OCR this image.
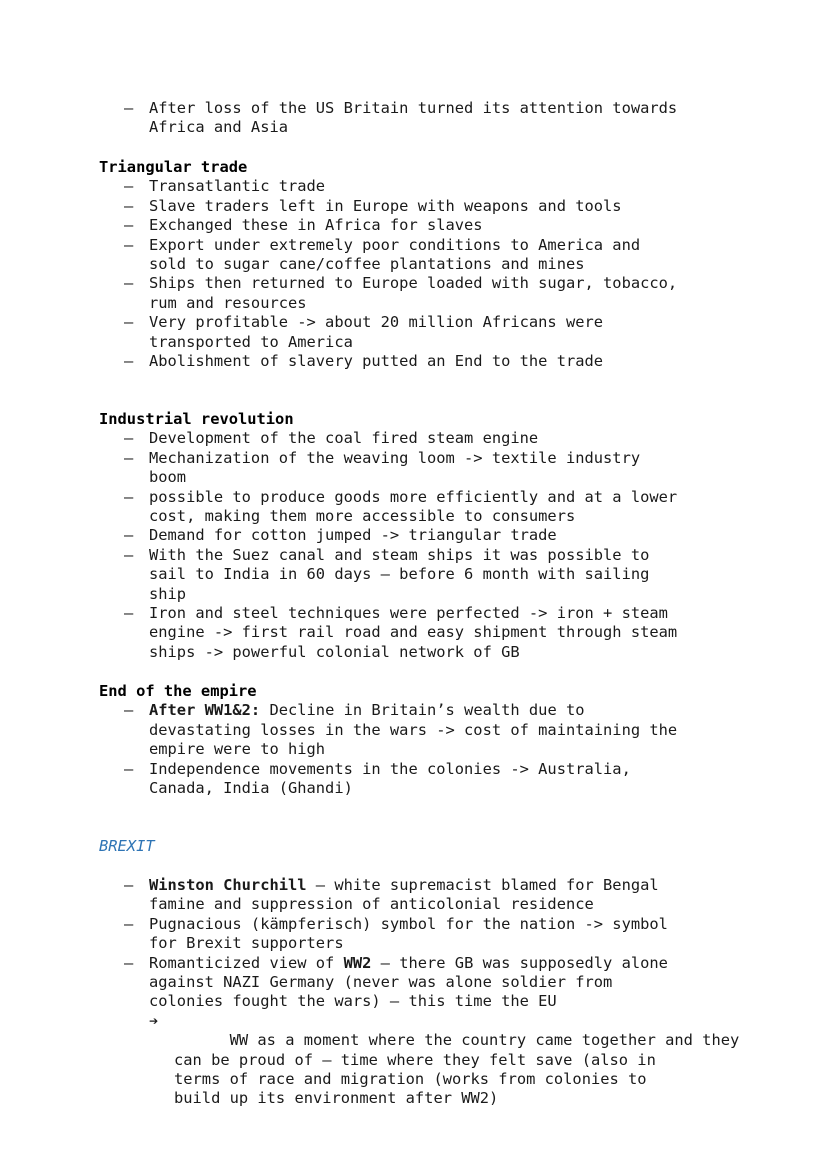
– After loss of the US Britain turned its attention towards
Africa and Asia
Triangular trade
– Transatlantic trade
– Slave traders left in Europe with weapons and tools
– Exchanged these in Africa for slaves
– Export under extremely poor conditions to America and
sold to sugar cane/coffee plantations and mines
– Ships then returned to Europe loaded with sugar, tobacco,
rum and resources
– Very profitable -> about 20 million Africans were
transported to America
– Abolishment of slavery putted an End to the trade
Industrial revolution
– Development of the coal fired steam engine
– Mechanization of the weaving loom -> textile industry
boom
– possible to produce goods more efficiently and at a lower
cost, making them more accessible to consumers
– Demand for cotton jumped -> triangular trade
– With the Suez canal and steam ships it was possible to
sail to India in 60 days – before 6 month with sailing
ship
– Iron and steel techniques were perfected -> iron + steam
engine -> first rail road and easy shipment through steam
ships -> powerful colonial network of GB
End of the empire
– After WW1&2: Decline in Britain’s wealth due to
devastating losses in the wars -> cost of maintaining the
empire were to high
– Independence movements in the colonies -> Australia,
Canada, India (Ghandi)
BREXIT
– Winston Churchill – white supremacist blamed for Bengal
famine and suppression of anticolonial residence
– Pugnacious (kämpferisch) symbol for the nation -> symbol
for Brexit supporters
– Romanticized view of WW2 – there GB was supposedly alone
against NAZI Germany (never was alone soldier from
colonies fought the wars) – this time the EU

➔
WW as a moment where the country came together and they
can be proud of – time where they felt save (also in
terms of race and migration (works from colonies to
build up its environment after WW2)
